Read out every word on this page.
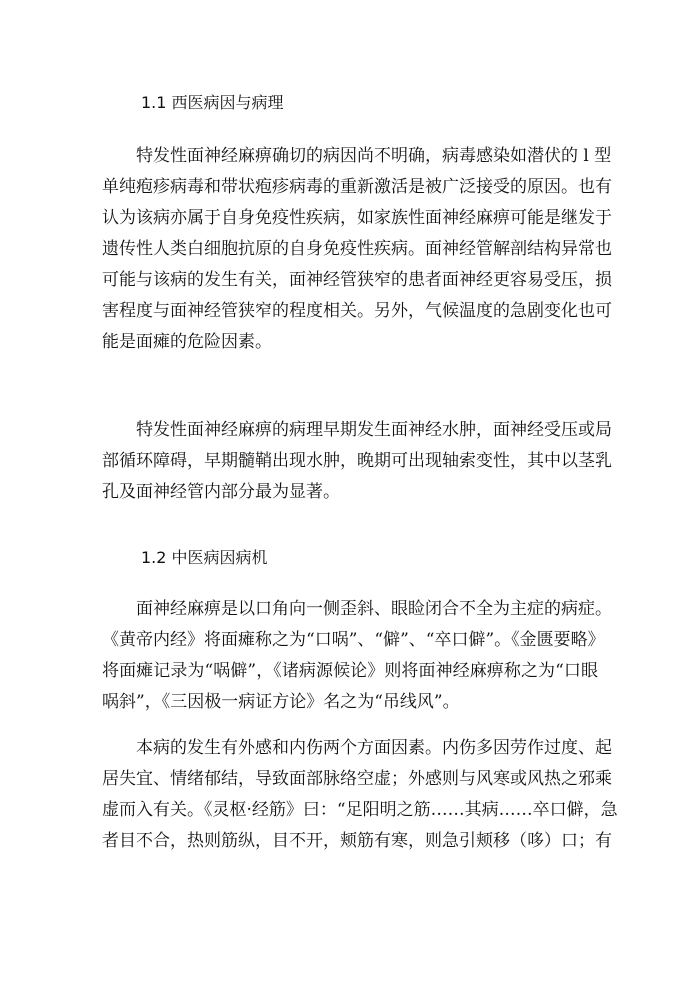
1.1 西医病因与病理
特发性面神经麻痹确切的病因尚不明确，病毒感染如潜伏的 l 型
单纯疱疹病毒和带状疱疹病毒的重新激活是被广泛接受的原因。也有
认为该病亦属于自身免疫性疾病，如家族性面神经麻痹可能是继发于
遗传性人类白细胞抗原的自身免疫性疾病。面神经管解剖结构异常也
可能与该病的发生有关，面神经管狭窄的患者面神经更容易受压，损
害程度与面神经管狭窄的程度相关。另外，气候温度的急剧变化也可
能是面瘫的危险因素。
特发性面神经麻痹的病理早期发生面神经水肿，面神经受压或局
部循环障碍，早期髓鞘出现水肿，晚期可出现轴索变性，其中以茎乳
孔及面神经管内部分最为显著。
1.2 中医病因病机
面神经麻痹是以口角向一侧歪斜、眼睑闭合不全为主症的病症。
《黄帝内经》将面瘫称之为“口㖞”、“僻”、“卒口僻”。《金匮要略》
将面瘫记录为“㖞僻”，《诸病源候论》则将面神经麻痹称之为“口眼
㖞斜”，《三因极一病证方论》名之为“吊线风”。
本病的发生有外感和内伤两个方面因素。内伤多因劳作过度、起
居失宜、情绪郁结，导致面部脉络空虚；外感则与风寒或风热之邪乘
虚而入有关。《灵枢·经筋》曰：“足阳明之筋……其病……卒口僻，急
者目不合，热则筋纵，目不开，颊筋有寒，则急引颊移（哆）口；有
